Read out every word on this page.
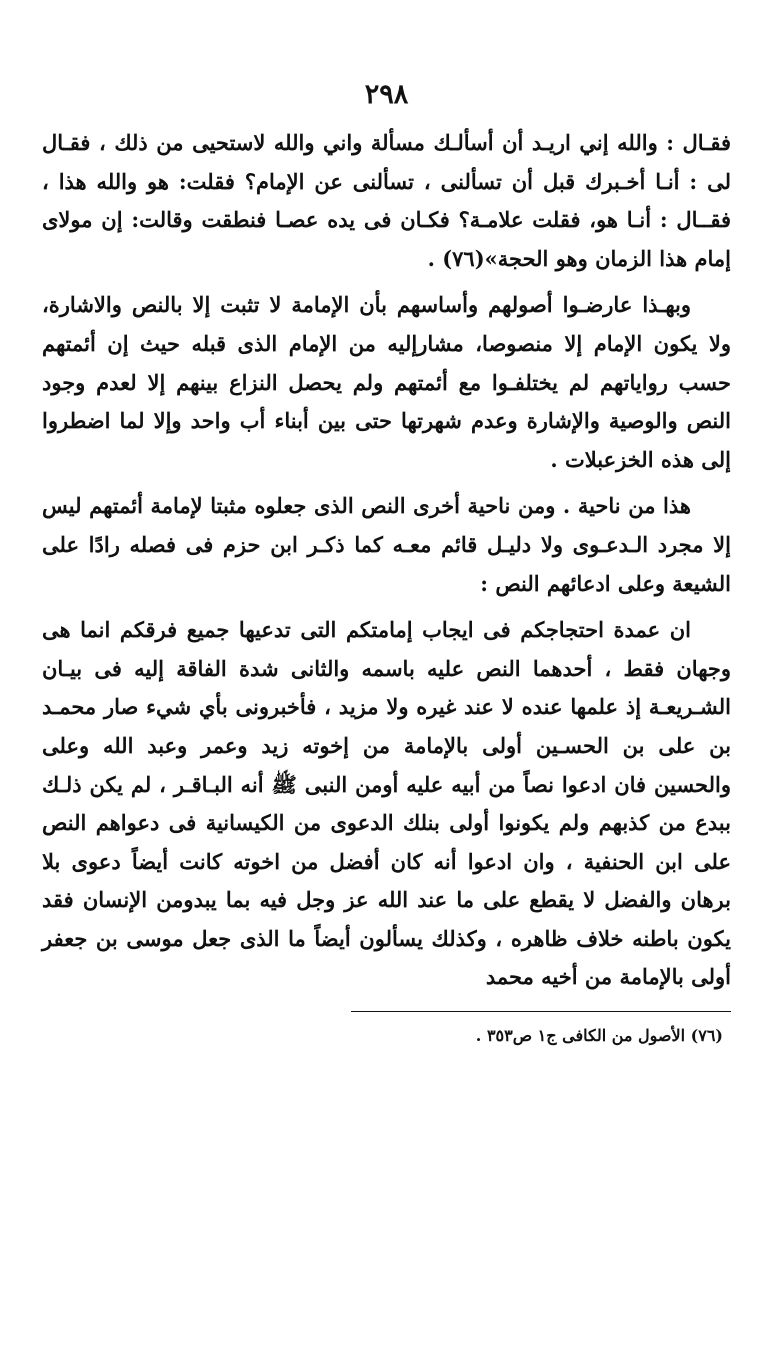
٢٩٨

فقـال : والله إني اريـد أن أسألـك مسألة واني والله لاستحيى من ذلك ، فقـال لى : أنـا أخـبرك قبل أن تسألنى ، تسألنى عن الإمام؟ فقلت: هو والله هذا ، فقــال : أنـا هو، فقلت علامـة؟ فكـان فى يده عصـا فنطقت وقالت: إن مولاى إمام هذا الزمان وهو الحجة»(٧٦) .

وبهـذا عارضـوا أصولهم وأساسهم بأن الإمامة لا تثبت إلا بالنص والاشارة، ولا يكون الإمام إلا منصوصا، مشارإليه من الإمام الذى قبله حيث إن أئمتهم حسب رواياتهم لم يختلفـوا مع أئمتهم ولم يحصل النزاع بينهم إلا لعدم وجود النص والوصية والإشارة وعدم شهرتها حتى بين أبناء أب واحد وإلا لما اضطروا إلى هذه الخزعبلات .

هذا من ناحية . ومن ناحية أخرى النص الذى جعلوه مثبتا لإمامة أئمتهم ليس إلا مجرد الـدعـوى ولا دليـل قائم معـه كما ذكـر ابن حزم فى فصله رادًا على الشيعة وعلى ادعائهم النص :

ان عمدة احتجاجكم فى ايجاب إمامتكم التى تدعيها جميع فرقكم انما هى وجهان فقط ، أحدهما النص عليه باسمه والثانى شدة الفاقة إليه فى بيـان الشـريعـة إذ علمها عنده لا عند غيره ولا مزيد ، فأخبرونى بأي شيء صار محمـد بن على بن الحسـين أولى بالإمامة من إخوته زيد وعمر وعبد الله وعلى والحسين فان ادعوا نصاً من أبيه عليه أومن النبى ﷺ أنه البـاقـر ، لم يكن ذلـك ببدع من كذبهم ولم يكونوا أولى بنلك الدعوى من الكيسانية فى دعواهم النص على ابن الحنفية ، وان ادعوا أنه كان أفضل من اخوته كانت أيضاً دعوى بلا برهان والفضل لا يقطع على ما عند الله عز وجل فيه بما يبدومن الإنسان فقد يكون باطنه خلاف ظاهره ، وكذلك يسألون أيضاً ما الذى جعل موسى بن جعفر أولى بالإمامة من أخيه محمد

(٧٦) الأصول من الكافى ج١ ص٣٥٣ .
